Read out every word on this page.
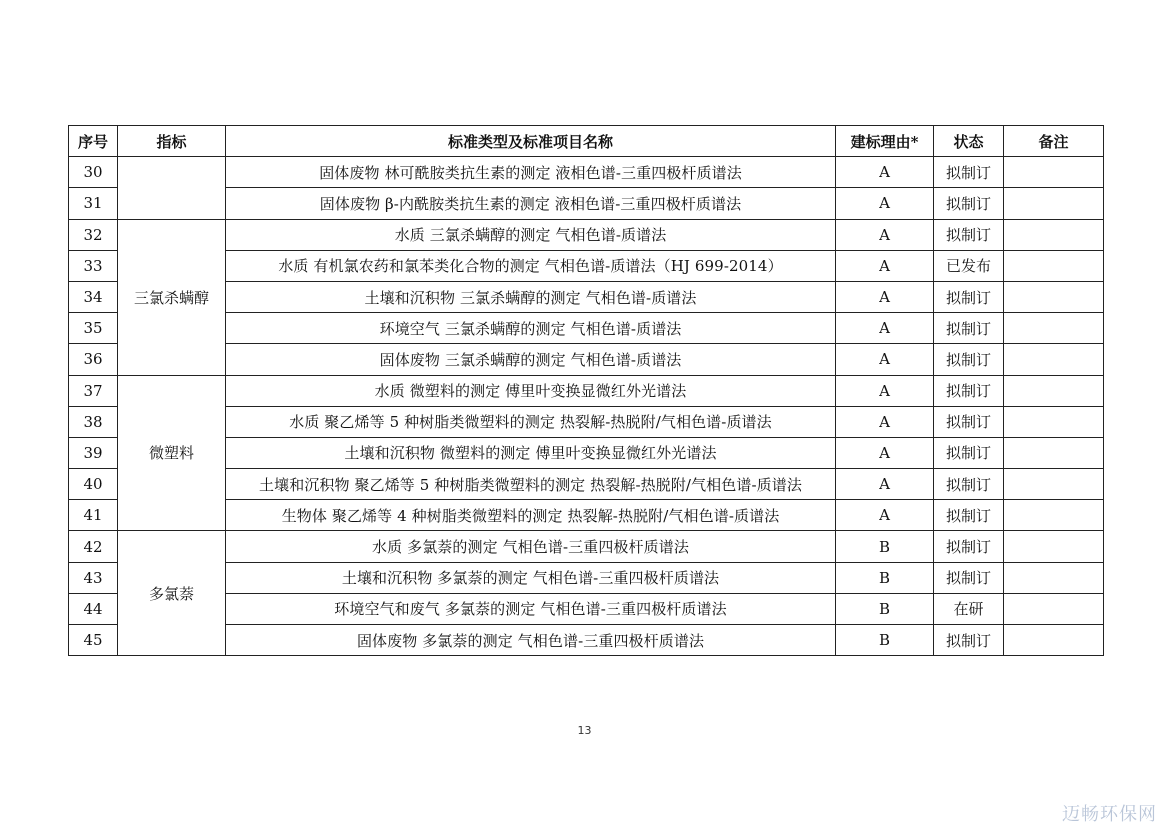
序号	指标	标准类型及标准项目名称	建标理由*	状态	备注
30		固体废物 林可酰胺类抗生素的测定 液相色谱-三重四极杆质谱法	A	拟制订	
31		固体废物 β-内酰胺类抗生素的测定 液相色谱-三重四极杆质谱法	A	拟制订	
32	三氯杀螨醇	水质 三氯杀螨醇的测定 气相色谱-质谱法	A	拟制订	
33		水质 有机氯农药和氯苯类化合物的测定 气相色谱-质谱法（HJ 699-2014）	A	已发布	
34		土壤和沉积物 三氯杀螨醇的测定 气相色谱-质谱法	A	拟制订	
35		环境空气 三氯杀螨醇的测定 气相色谱-质谱法	A	拟制订	
36		固体废物 三氯杀螨醇的测定 气相色谱-质谱法	A	拟制订	
37	微塑料	水质 微塑料的测定 傅里叶变换显微红外光谱法	A	拟制订	
38		水质 聚乙烯等 5 种树脂类微塑料的测定 热裂解-热脱附/气相色谱-质谱法	A	拟制订	
39		土壤和沉积物 微塑料的测定 傅里叶变换显微红外光谱法	A	拟制订	
40		土壤和沉积物 聚乙烯等 5 种树脂类微塑料的测定 热裂解-热脱附/气相色谱-质谱法	A	拟制订	
41		生物体 聚乙烯等 4 种树脂类微塑料的测定 热裂解-热脱附/气相色谱-质谱法	A	拟制订	
42	多氯萘	水质 多氯萘的测定 气相色谱-三重四极杆质谱法	B	拟制订	
43		土壤和沉积物 多氯萘的测定 气相色谱-三重四极杆质谱法	B	拟制订	
44		环境空气和废气 多氯萘的测定 气相色谱-三重四极杆质谱法	B	在研	
45		固体废物 多氯萘的测定 气相色谱-三重四极杆质谱法	B	拟制订	
13
迈畅环保网
